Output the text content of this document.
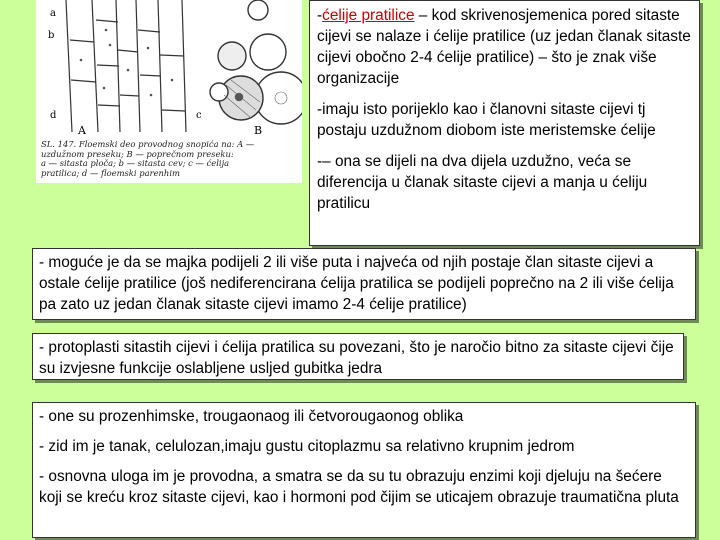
a
b
c
d
A	B
SL. 147. Floemski deo provodnog snopića na: A —
uzdužnom preseku; B — poprečnom preseku:
a — sitasta ploča; b — sitasta cev; c — ćelija
pratilica; d — floemski parenhim

-ćelije pratilice – kod skrivenosjemenica pored sitaste cijevi se nalaze i ćelije pratilice (uz jedan članak sitaste cijevi obočno 2-4 ćelije pratilice) – što je znak više organizacije

-imaju isto porijeklo kao i članovni sitaste cijevi tj postaju uzdužnom diobom iste meristemske ćelije

-– ona se dijeli na dva dijela uzdužno, veća se diferencija u članak sitaste cijevi a manja u ćeliju pratilicu

- moguće je da se majka podijeli 2 ili više puta i najveća od njih postaje član sitaste cijevi a ostale ćelije pratilice (još nediferencirana ćelija pratilica se podijeli poprečno na 2 ili više ćelija pa zato uz jedan članak sitaste cijevi imamo 2-4 ćelije pratilice)

- protoplasti sitastih cijevi i ćelija pratilica su povezani, što je naročio bitno za sitaste cijevi čije su izvjesne funkcije oslabljene usljed gubitka jedra

- one su prozenhimske, trougaonaog ili četvorougaonog oblika

- zid im je tanak, celulozan,imaju gustu citoplazmu sa relativno krupnim jedrom

- osnovna uloga im je provodna, a smatra se da su tu obrazuju enzimi koji djeluju na šećere koji se kreću kroz sitaste cijevi, kao i hormoni pod čijim se uticajem obrazuje traumatična pluta
